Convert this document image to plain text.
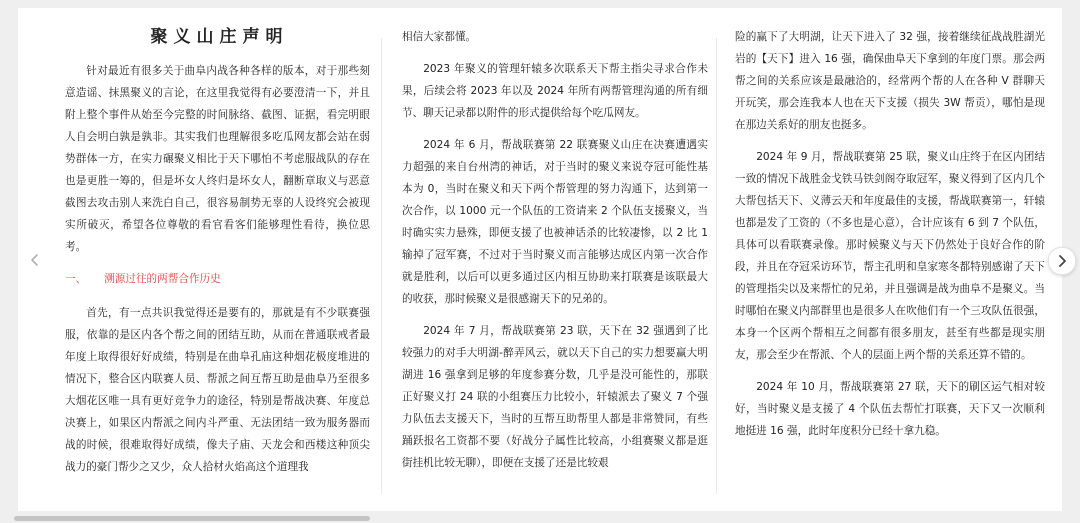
聚义山庄声明

针对最近有很多关于曲阜内战各种各样的版本，对于那些刻意造谣、抹黑聚义的言论，在这里我觉得有必要澄清一下，并且附上整个事件从始至今完整的时间脉络、截图、证据，看完明眼人自会明白孰是孰非。其实我们也理解很多吃瓜网友都会站在弱势群体一方，在实力碾聚义相比于天下哪怕不考虑服战队的存在也是更胜一筹的，但是坏女人终归是坏女人，翻断章取义与恶意截图去攻击别人来洗白自己，很容易制势无辜的人设终究会被现实所破灭，希望各位尊敬的看官看客们能够理性看待，换位思考。

一、 溯源过往的两帮合作历史

首先，有一点共识我觉得还是要有的，那就是有不少联赛强服，依靠的是区内各个帮之间的团结互助，从而在普通联戒者最年度上取得很好好成绩，特别是在曲阜孔庙这种烟花极度堆进的情况下，整合区内联赛人员、帮派之间互帮互助是曲阜乃至很多大烟花区唯一具有更好竞争力的途径，特别是帮战决赛、年度总决赛上，如果区内帮派之间内斗严重、无法团结一致为服务器而战的时候，很难取得好成绩，像夫子庙、天龙会和西楼这种顶尖战力的豪门帮少之又少，众人拾材火焰高这个道理我

相信大家都懂。

2023 年聚义的管理轩辕多次联系天下帮主指尖寻求合作未果，后续会将 2023 年以及 2024 年所有两帮管理沟通的所有细节、聊天记录都以附件的形式提供给每个吃瓜网友。

2024 年 6 月，帮战联赛第 22 联赛聚义山庄在决赛遭遇实力超强的来自台州湾的神话，对于当时的聚义来说夺冠可能性基本为 0，当时在聚义和天下两个帮管理的努力沟通下，达到第一次合作，以 1000 元一个队伍的工资请来 2 个队伍支援聚义，当时确实实力悬殊，即便支援了也被神话杀的比较凄惨，以 2 比 1 输掉了冠军赛，不过对于当时聚义而言能够达成区内第一次合作就是胜利，以后可以更多通过区内相互协助来打联赛是该联最大的收获，那时候聚义是很感谢天下的兄弟的。

2024 年 7 月，帮战联赛第 23 联，天下在 32 强遇到了比较强力的对手大明湖-醉弄风云，就以天下自己的实力想要赢大明湖进 16 强拿到足够的年度参赛分数，几乎是没可能性的，那联正好聚义打 24 联的小组赛压力比较小，轩辕派去了聚义 7 个强力队伍去支援天下，当时的互帮互助帮里人都是非常赞同，有些踊跃报名工资都不要（好战分子属性比较高，小组赛聚义都是逛街挂机比较无聊），即便在支援了还是比较艰

险的赢下了大明湖，让天下进入了 32 强，接着继续征战战胜湖光岩的【天下】进入 16 强，确保曲阜天下拿到的年度门票。那会两帮之间的关系应该是最融洽的，经常两个帮的人在各种 V 群聊天开玩笑，那会连我本人也在天下支援（损失 3W 帮贡），哪怕是现在那边关系好的朋友也挺多。

2024 年 9 月，帮战联赛第 25 联，聚义山庄终于在区内团结一致的情况下战胜金戈铁马铁剑阁夺取冠军，聚义得到了区内几个大帮包括天下、义薄云天和年度最佳的支援，帮战联赛第一，轩辕也都是发了工资的（不多也是心意），合计应该有 6 到 7 个队伍，具体可以看联赛录像。那时候聚义与天下仍然处于良好合作的阶段，并且在夺冠采访环节，帮主孔明和皇家寒冬都特别感谢了天下的管理指尖以及来帮忙的兄弟，并且强调是战为曲阜不是聚义。当时哪怕在聚义内部群里也是很多人在吹他们有一个三攻队伍很强，本身一个区两个帮相互之间都有很多朋友，甚至有些都是现实朋友，那会至少在帮派、个人的层面上两个帮的关系还算不错的。

2024 年 10 月，帮战联赛第 27 联，天下的刷区运气相对较好，当时聚义是支援了 4 个队伍去帮忙打联赛，天下又一次顺利地挺进 16 强，此时年度积分已经十拿九稳。
